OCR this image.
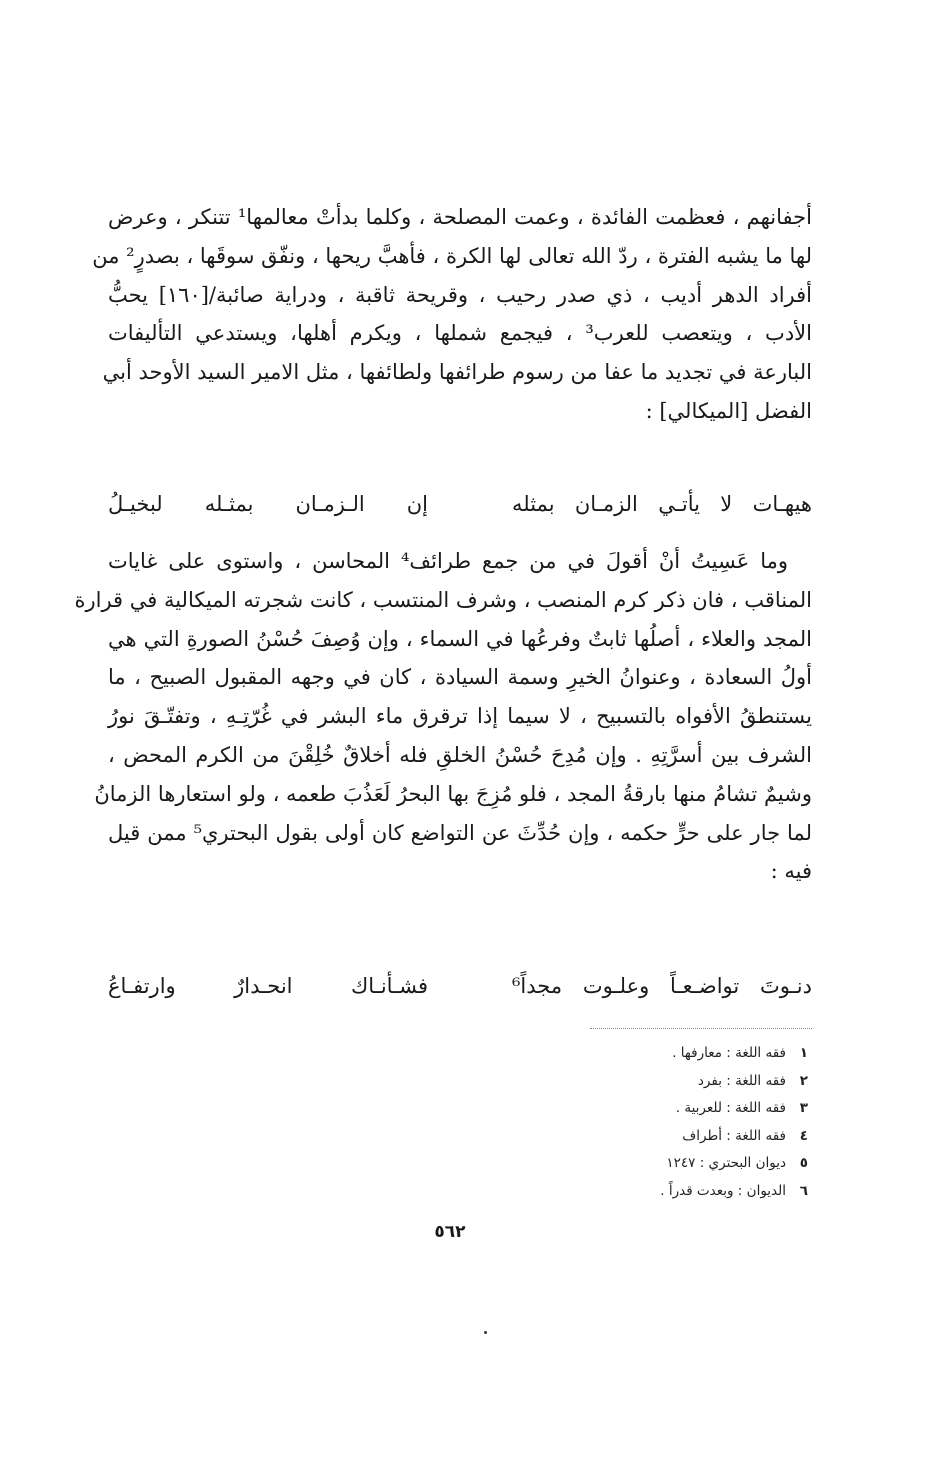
أجفانهم ، فعظمت الفائدة ، وعمت المصلحة ، وكلما بدأتْ معالمها¹ تتنكر ، وعرض
لها ما يشبه الفترة ، ردّ الله تعالى لها الكرة ، فأهبَّ ريحها ، ونفّق سوقَها ، بصدرٍ² من
أفراد الدهر أديب ، ذي صدر رحيب ، وقريحة ثاقبة ، ودراية صائبة/[١٦٠] يحبُّ
الأدب ، ويتعصب للعرب³ ، فيجمع شملها ، ويكرم أهلها، ويستدعي التأليفات
البارعة في تجديد ما عفا من رسوم طرائفها ولطائفها ، مثل الامير السيد الأوحد أبي
الفضل [الميكالي] :
هيهـات لا يأتـي الزمـان بمثله
إن الـزمـان بمثـله لبخيـلُ
وما عَسِيتُ أنْ أقولَ في من جمع طرائف⁴ المحاسن ، واستوى على غايات
المناقب ، فان ذكر كرم المنصب ، وشرف المنتسب ، كانت شجرته الميكالية في قرارة
المجد والعلاء ، أصلُها ثابتٌ وفرعُها في السماء ، وإن وُصِفَ حُسْنُ الصورةِ التي هي
أولُ السعادة ، وعنوانُ الخيرِ وسمة السيادة ، كان في وجهه المقبول الصبيح ، ما
يستنطقُ الأفواه بالتسبيح ، لا سيما إذا ترقرق ماء البشر في غُرّتِـهِ ، وتفتّـقَ نورُ
الشرف بين أسرَّتِهِ . وإن مُدِحَ حُسْنُ الخلقِ فله أخلاقٌ خُلِقْنَ من الكرم المحض ،
وشيمٌ تشامُ منها بارقةُ المجد ، فلو مُزِجَ بها البحرُ لَعَذُبَ طعمه ، ولو استعارها الزمانُ
لما جار على حرٍّ حكمه ، وإن حُدِّثَ عن التواضع كان أولى بقول البحتري⁵ ممن قيل
فيه :
دنـوتَ تواضـعـاً وعلـوت مجداً⁶
فشـأنـاك انحـدارٌ وارتفـاعُ
١فقه اللغة : معارفها .
٢فقه اللغة : بفرد
٣فقه اللغة : للعربية .
٤فقه اللغة : أطراف
٥ديوان البحتري : ١٢٤٧
٦الديوان : وبعدت قدراً .
٥٦٢
